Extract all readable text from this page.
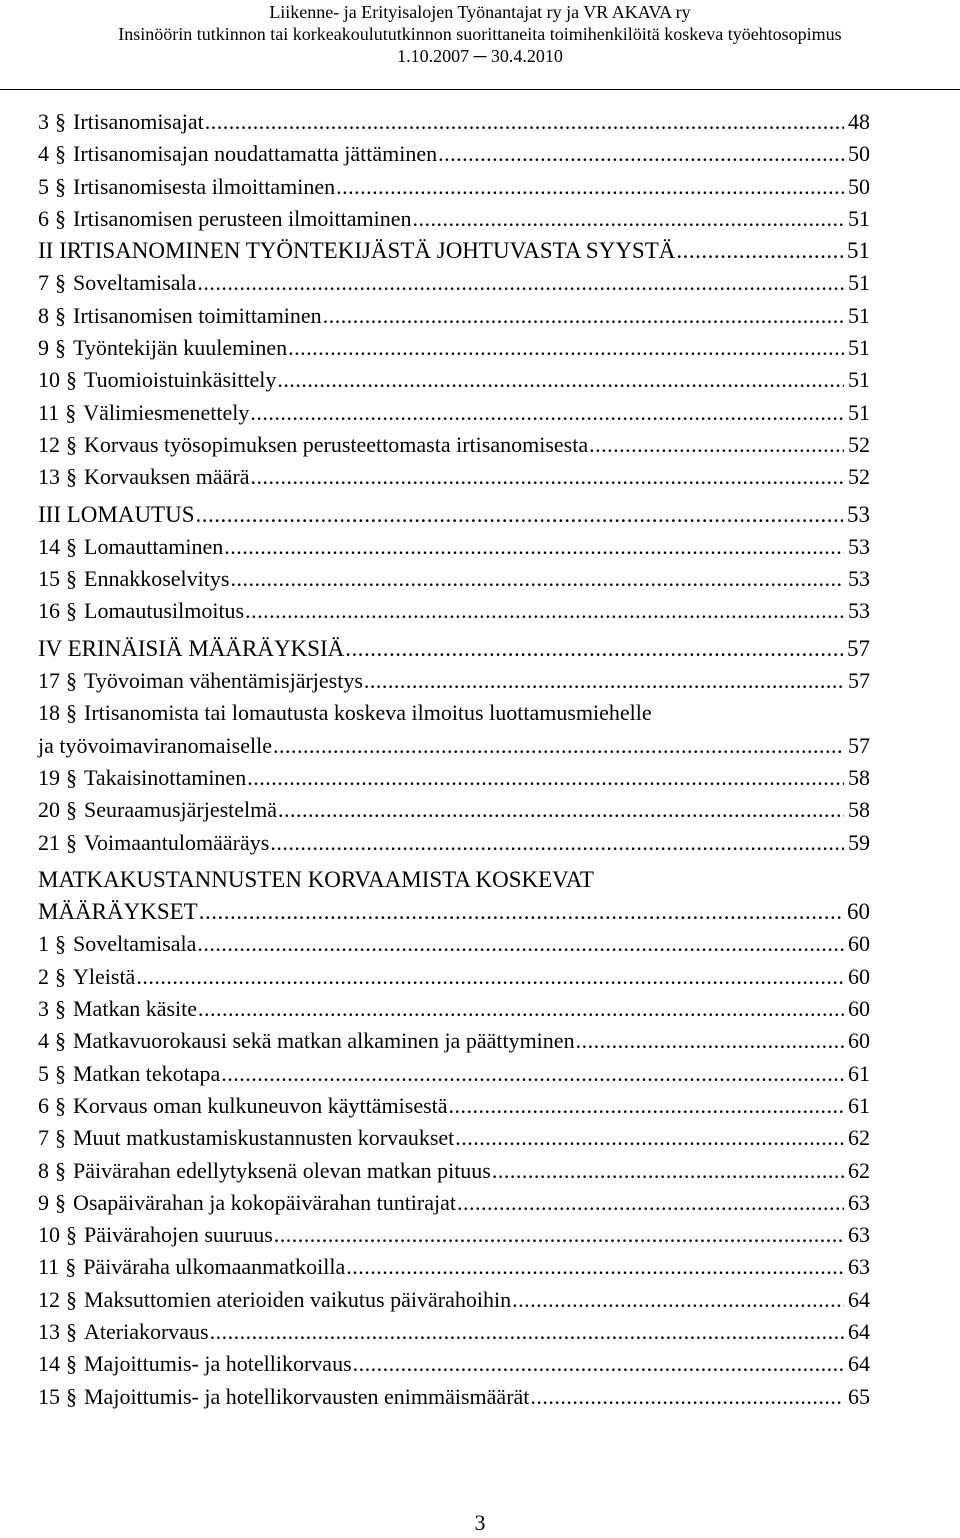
Liikenne- ja Erityisalojen Työnantajat ry ja VR AKAVA ry
Insinöörin tutkinnon tai korkeakoulututkinnon suorittaneita toimihenkilöitä koskeva työehtosopimus
1.10.2007 ─ 30.4.2010
3 § Irtisanomisajat .....	48
4 § Irtisanomisajan noudattamatta jättäminen .....	50
5 § Irtisanomisesta ilmoittaminen .....	50
6 § Irtisanomisen perusteen ilmoittaminen .....	51
II IRTISANOMINEN TYÖNTEKIJÄSTÄ JOHTUVASTA SYYSTÄ .....	51
7 § Soveltamisala .....	51
8 § Irtisanomisen toimittaminen .....	51
9 § Työntekijän kuuleminen .....	51
10 § Tuomioistuinkäsittely .....	51
11 § Välimiesmenettely .....	51
12 § Korvaus työsopimuksen perusteettomasta irtisanomisesta .....	52
13 § Korvauksen määrä .....	52
III LOMAUTUS .....	53
14 § Lomauttaminen .....	53
15 § Ennakkoselvitys .....	53
16 § Lomautusilmoitus .....	53
IV ERINÄISIÄ MÄÄRÄYKSIÄ .....	57
17 § Työvoiman vähentämisjärjestys .....	57
18 § Irtisanomista tai lomautusta koskeva ilmoitus luottamusmiehelle
ja työvoimaviranomaiselle .....	57
19 § Takaisinottaminen .....	58
20 § Seuraamusjärjestelmä .....	58
21 § Voimaantulomääräys .....	59
MATKAKUSTANNUSTEN KORVAAMISTA KOSKEVAT
MÄÄRÄYKSET .....	60
1 § Soveltamisala .....	60
2 § Yleistä .....	60
3 § Matkan käsite .....	60
4 § Matkavuorokausi sekä matkan alkaminen ja päättyminen .....	60
5 § Matkan tekotapa .....	61
6 § Korvaus oman kulkuneuvon käyttämisestä .....	61
7 § Muut matkustamiskustannusten korvaukset .....	62
8 § Päivärahan edellytyksenä olevan matkan pituus .....	62
9 § Osapäivärahan ja kokopäivärahan tuntirajat .....	63
10 § Päivärahojen suuruus .....	63
11 § Päiväraha ulkomaanmatkoilla .....	63
12 § Maksuttomien aterioiden vaikutus päivärahoihin .....	64
13 § Ateriakorvaus .....	64
14 § Majoittumis- ja hotellikorvaus .....	64
15 § Majoittumis- ja hotellikorvausten enimmäismäärät .....	65
3
